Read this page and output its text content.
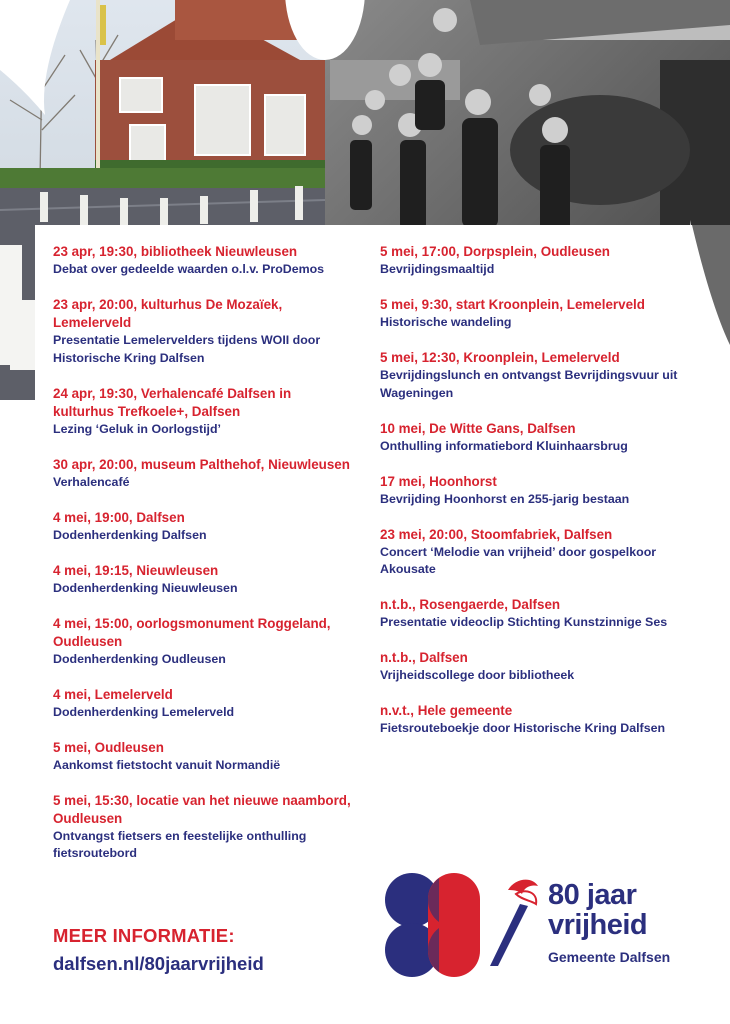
23 apr, 19:30, bibliotheek Nieuwleusen
Debat over gedeelde waarden o.l.v. ProDemos
23 apr, 20:00, kulturhus De Mozaïek, Lemelerveld
Presentatie Lemelervelders tijdens WOII door Historische Kring Dalfsen
24 apr, 19:30, Verhalencafé Dalfsen in kulturhus Trefkoele+, Dalfsen
Lezing ‘Geluk in Oorlogstijd’
30 apr, 20:00, museum Palthehof, Nieuwleusen
Verhalencafé
4 mei, 19:00, Dalfsen
Dodenherdenking Dalfsen
4 mei, 19:15, Nieuwleusen
Dodenherdenking Nieuwleusen
4 mei, 15:00, oorlogsmonument Roggeland, Oudleusen
Dodenherdenking Oudleusen
4 mei, Lemelerveld
Dodenherdenking Lemelerveld
5 mei, Oudleusen
Aankomst fietstocht vanuit Normandië
5 mei, 15:30, locatie van het nieuwe naambord, Oudleusen
Ontvangst fietsers en feestelijke onthulling fietsroutebord
5 mei, 17:00, Dorpsplein, Oudleusen
Bevrijdingsmaaltijd
5 mei, 9:30, start Kroonplein, Lemelerveld
Historische wandeling
5 mei, 12:30, Kroonplein, Lemelerveld
Bevrijdingslunch en ontvangst Bevrijdingsvuur uit Wageningen
10 mei, De Witte Gans, Dalfsen
Onthulling informatiebord Kluinhaarsbrug
17 mei, Hoonhorst
Bevrijding Hoonhorst en 255-jarig bestaan
23 mei, 20:00, Stoomfabriek, Dalfsen
Concert ‘Melodie van vrijheid’ door gospelkoor Akousate
n.t.b., Rosengaerde, Dalfsen
Presentatie videoclip Stichting Kunstzinnige Ses
n.t.b., Dalfsen
Vrijheidscollege door bibliotheek
n.v.t., Hele gemeente
Fietsrouteboekje door Historische Kring Dalfsen
MEER INFORMATIE:
dalfsen.nl/80jaarvrijheid
80 jaar
vrijheid
Gemeente Dalfsen
